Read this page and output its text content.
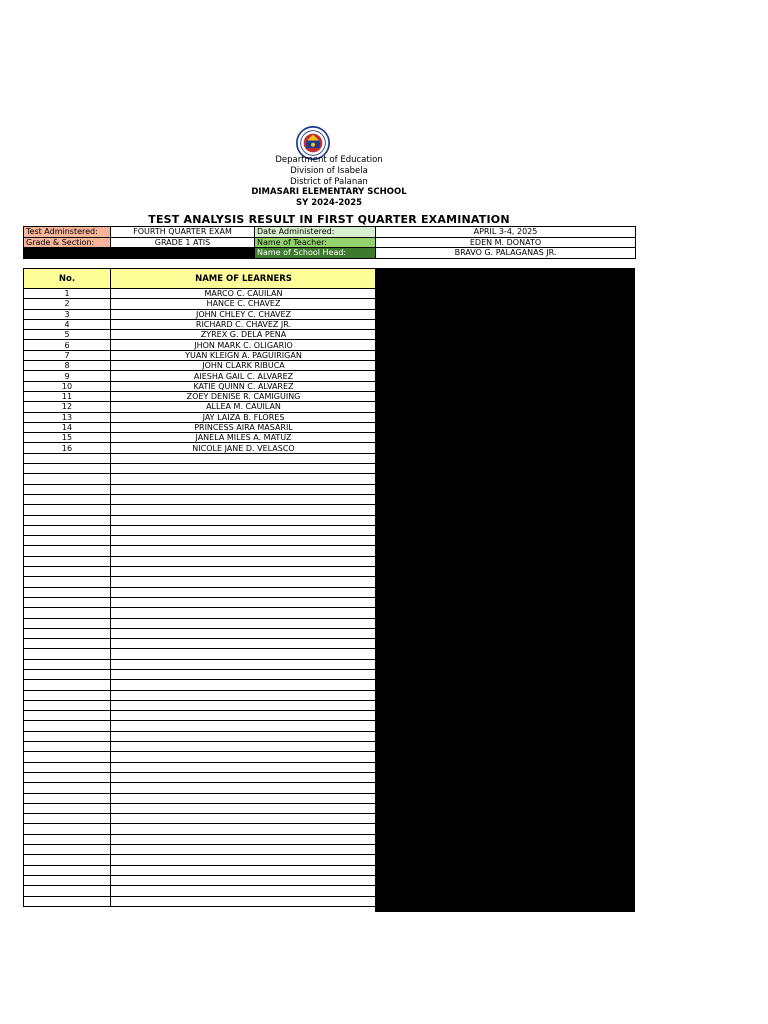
Department of Education
Division of Isabela
District of Palanan
DIMASARI ELEMENTARY SCHOOL
SY 2024-2025
TEST ANALYSIS RESULT IN FIRST QUARTER EXAMINATION
Test Adminstered:	FOURTH QUARTER EXAM	Date Administered:	APRIL 3-4, 2025
Grade & Section:	GRADE 1 ATIS	Name of Teacher:	EDEN M. DONATO
		Name of School Head:	BRAVO G. PALAGANAS JR.
No.	NAME OF LEARNERS
1	MARCO C. CAUILAN
2	HANCE C. CHAVEZ
3	JOHN CHLEY C. CHAVEZ
4	RICHARD C. CHAVEZ JR.
5	ZYREX G. DELA PENA
6	JHON MARK C. OLIGARIO
7	YUAN KLEIGN A. PAGUIRIGAN
8	JOHN CLARK RIBUCA
9	AIESHA GAIL C. ALVAREZ
10	KATIE QUINN C. ALVAREZ
11	ZOEY DENISE R. CAMIGUING
12	ALLEA M. CAUILAN
13	JAY LAIZA B. FLORES
14	PRINCESS AIRA MASARIL
15	JANELA MILES A. MATUZ
16	NICOLE JANE D. VELASCO
